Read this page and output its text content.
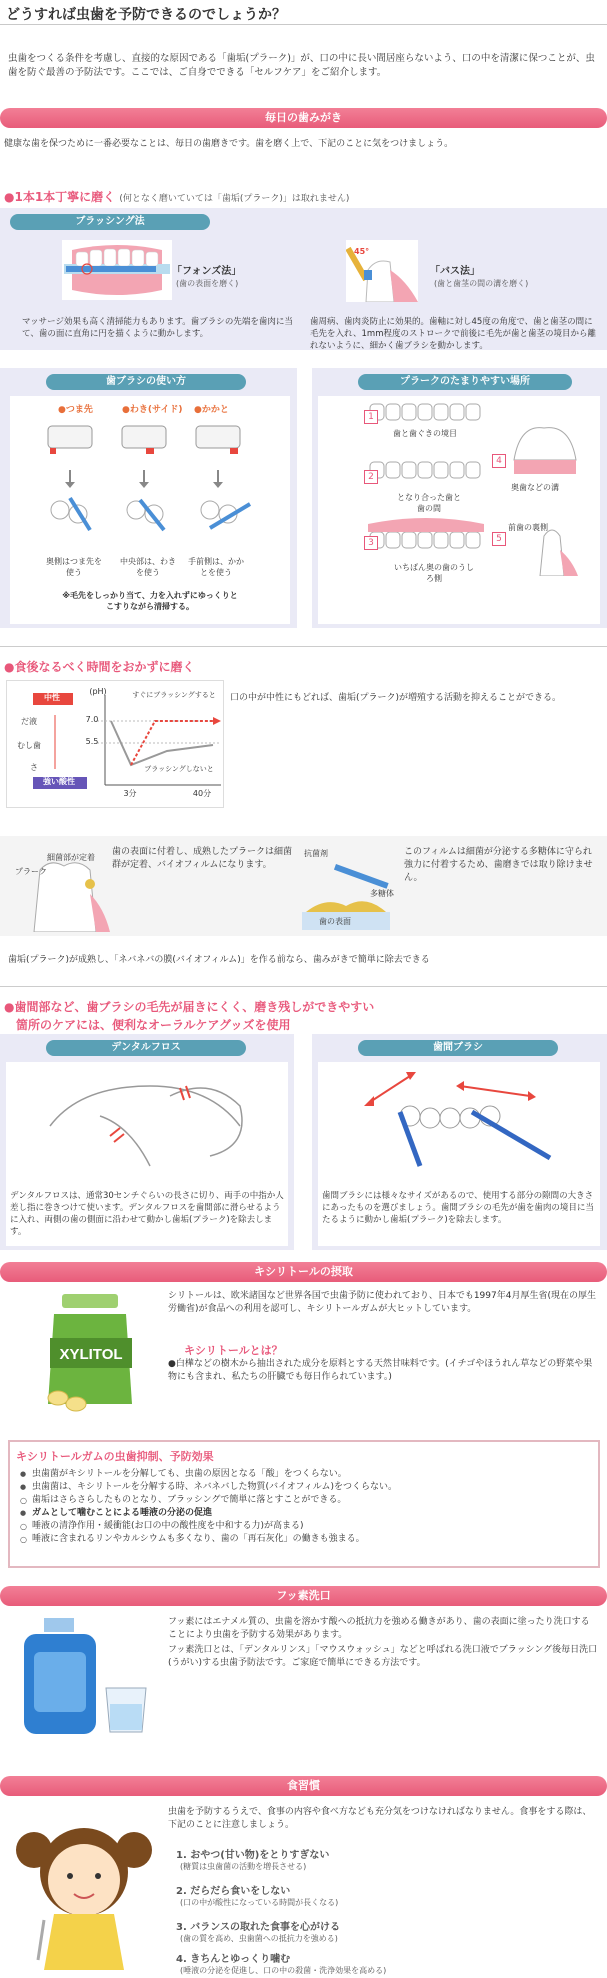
どうすれば虫歯を予防できるのでしょうか？
虫歯をつくる条件を考慮し、直接的な原因である「歯垢(プラーク)」が、口の中に長い間居座らないよう、口の中を清潔に保つことが、虫歯を防ぐ最善の予防法です。ここでは、ご自身でできる「セルフケア」をご紹介します。
毎日の歯みがき
健康な歯を保つために一番必要なことは、毎日の歯磨きです。歯を磨く上で、下記のことに気をつけましょう。
●1本1本丁寧に磨く (何となく磨いていては「歯垢(プラーク)」は取れません)
ブラッシング法
「フォンズ法」
(歯の表面を磨く)
マッサージ効果も高く清掃能力もあります。歯ブラシの先端を歯肉に当て、歯の面に直角に円を描くように動かします。
45°
「バス法」
(歯と歯茎の間の溝を磨く)
歯周病、歯肉炎防止に効果的。歯軸に対し45度の角度で、歯と歯茎の間に毛先を入れ、1mm程度のストロークで前後に毛先が歯と歯茎の境目から離れないように、細かく歯ブラシを動かします。
歯ブラシの使い方
●つま先	●わき(サイド) ●かかと
奥側はつま先を使う
中央部は、わきを使う
手前側は、かかとを使う
※毛先をしっかり当て、力を入れずにゆっくりとこすりながら清掃する。
プラークのたまりやすい場所
1
歯と歯ぐきの境目
2
となり合った歯と歯の間
3
いちばん奥の歯のうしろ側
4
奥歯などの溝
5
前歯の裏側
●食後なるべく時間をおかずに磨く
中性
強い酸性
だ液
むし歯
さ
(pH)
7.0
5.5
すぐにブラッシングすると
ブラッシングしないと
3分	40分
口の中が中性にもどれば、歯垢(プラーク)が増殖する活動を抑えることができる。
細菌部が定着
プラーク
歯の表面に付着し、成熟したプラークは細菌群が定着、バイオフィルムになります。
抗菌剤
多糖体
歯の表面
このフィルムは細菌が分泌する多糖体に守られ強力に付着するため、歯磨きでは取り除けません。
歯垢(プラーク)が成熟し、「ネバネバの膜(バイオフィルム)」を作る前なら、歯みがきで簡単に除去できる
●歯間部など、歯ブラシの毛先が届きにくく、磨き残しができやすい
箇所のケアには、便利なオーラルケアグッズを使用
デンタルフロス
デンタルフロスは、通常30センチぐらいの長さに切り、両手の中指か人差し指に巻きつけて使います。デンタルフロスを歯間部に滑らせるように入れ、両側の歯の側面に沿わせて動かし歯垢(プラーク)を除去します。
歯間ブラシ
歯間ブラシには様々なサイズがあるので、使用する部分の隙間の大きさにあったものを選びましょう。歯間ブラシの毛先が歯を歯肉の境目に当たるように動かし歯垢(プラーク)を除去します。
キシリトールの摂取
XYLITOL
シリトールは、欧米諸国など世界各国で虫歯予防に使われており、日本でも1997年4月厚生省(現在の厚生労働省)が食品への利用を認可し、キシリトールガムが大ヒットしています。
キシリトールとは？
●白樺などの樹木から抽出された成分を原料とする天然甘味料です。(イチゴやほうれん草などの野菜や果物にも含まれ、私たちの肝臓でも毎日作られています。)
キシリトールガムの虫歯抑制、予防効果
● 虫歯菌がキシリトールを分解しても、虫歯の原因となる「酸」をつくらない。
● 虫歯菌は、キシリトールを分解する時、ネバネバした物質(バイオフィルム)をつくらない。
○ 歯垢はさらさらしたものとなり、ブラッシングで簡単に落とすことができる。
● ガムとして噛むことによる唾液の分泌の促進
○ 唾液の清浄作用・緩衝能(お口の中の酸性度を中和する力)が高まる)
○ 唾液に含まれるリンやカルシウムも多くなり、歯の「再石灰化」の働きも強まる。
フッ素洗口
フッ素にはエナメル質の、虫歯を溶かす酸への抵抗力を強める働きがあり、歯の表面に塗ったり洗口することにより虫歯を予防する効果があります。
フッ素洗口とは、「デンタルリンス」「マウスウォッシュ」などと呼ばれる洗口液でブラッシング後毎日洗口(うがい)する虫歯予防法です。ご家庭で簡単にできる方法です。
食習慣
虫歯を予防するうえで、食事の内容や食べ方なども充分気をつけなければなりません。食事をする際は、下記のことに注意しましょう。
1. おやつ(甘い物)をとりすぎない
(糖質は虫歯菌の活動を増長させる)
2. だらだら食いをしない
(口の中が酸性になっている時間が長くなる)
3. バランスの取れた食事を心がける
(歯の質を高め、虫歯菌への抵抗力を強める)
4. きちんとゆっくり噛む
(唾液の分泌を促進し、口の中の殺菌・洗浄効果を高める)
